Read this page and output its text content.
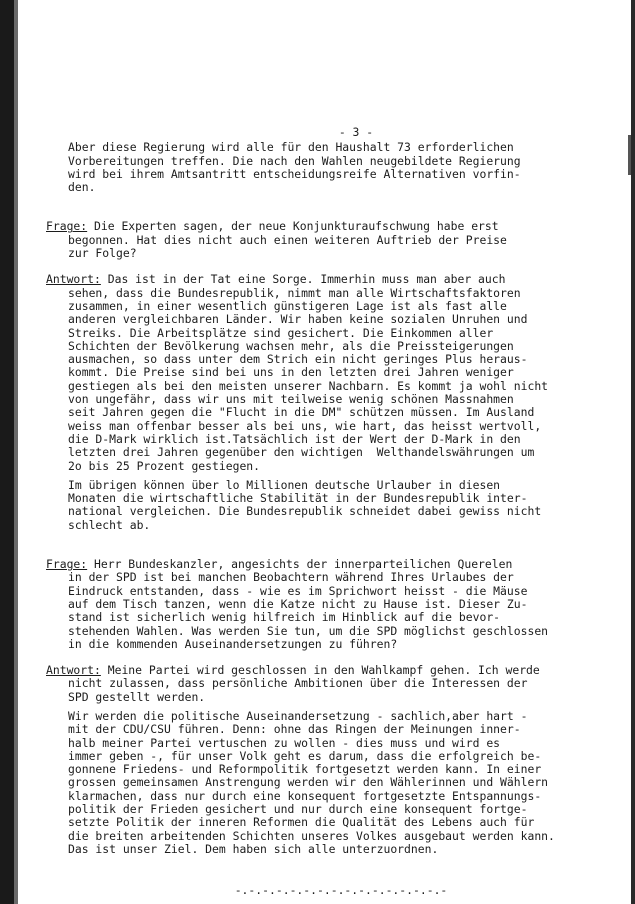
- 3 -
Aber diese Regierung wird alle für den Haushalt 73 erforderlichen
Vorbereitungen treffen. Die nach den Wahlen neugebildete Regierung
wird bei ihrem Amtsantritt entscheidungsreife Alternativen vorfin-
den.
Frage: Die Experten sagen, der neue Konjunkturaufschwung habe erst
begonnen. Hat dies nicht auch einen weiteren Auftrieb der Preise
zur Folge?
Antwort: Das ist in der Tat eine Sorge. Immerhin muss man aber auch
sehen, dass die Bundesrepublik, nimmt man alle Wirtschaftsfaktoren
zusammen, in einer wesentlich günstigeren Lage ist als fast alle
anderen vergleichbaren Länder. Wir haben keine sozialen Unruhen und
Streiks. Die Arbeitsplätze sind gesichert. Die Einkommen aller
Schichten der Bevölkerung wachsen mehr, als die Preissteigerungen
ausmachen, so dass unter dem Strich ein nicht geringes Plus heraus-
kommt. Die Preise sind bei uns in den letzten drei Jahren weniger
gestiegen als bei den meisten unserer Nachbarn. Es kommt ja wohl nicht
von ungefähr, dass wir uns mit teilweise wenig schönen Massnahmen
seit Jahren gegen die "Flucht in die DM" schützen müssen. Im Ausland
weiss man offenbar besser als bei uns, wie hart, das heisst wertvoll,
die D-Mark wirklich ist.Tatsächlich ist der Wert der D-Mark in den
letzten drei Jahren gegenüber den wichtigen  Welthandelswährungen um
2o bis 25 Prozent gestiegen.
Im übrigen können über lo Millionen deutsche Urlauber in diesen
Monaten die wirtschaftliche Stabilität in der Bundesrepublik inter-
national vergleichen. Die Bundesrepublik schneidet dabei gewiss nicht
schlecht ab.
Frage: Herr Bundeskanzler, angesichts der innerparteilichen Querelen
in der SPD ist bei manchen Beobachtern während Ihres Urlaubes der
Eindruck entstanden, dass - wie es im Sprichwort heisst - die Mäuse
auf dem Tisch tanzen, wenn die Katze nicht zu Hause ist. Dieser Zu-
stand ist sicherlich wenig hilfreich im Hinblick auf die bevor-
stehenden Wahlen. Was werden Sie tun, um die SPD möglichst geschlossen
in die kommenden Auseinandersetzungen zu führen?
Antwort: Meine Partei wird geschlossen in den Wahlkampf gehen. Ich werde
nicht zulassen, dass persönliche Ambitionen über die Interessen der
SPD gestellt werden.
Wir werden die politische Auseinandersetzung - sachlich,aber hart -
mit der CDU/CSU führen. Denn: ohne das Ringen der Meinungen inner-
halb meiner Partei vertuschen zu wollen - dies muss und wird es
immer geben -, für unser Volk geht es darum, dass die erfolgreich be-
gonnene Friedens- und Reformpolitik fortgesetzt werden kann. In einer
grossen gemeinsamen Anstrengung werden wir den Wählerinnen und Wählern
klarmachen, dass nur durch eine konsequent fortgesetzte Entspannungs-
politik der Frieden gesichert und nur durch eine konsequent fortge-
setzte Politik der inneren Reformen die Qualität des Lebens auch für
die breiten arbeitenden Schichten unseres Volkes ausgebaut werden kann.
Das ist unser Ziel. Dem haben sich alle unterzuordnen.
-.-.-.-.-.-.-.-.-.-.-.-.-.-.-.-
